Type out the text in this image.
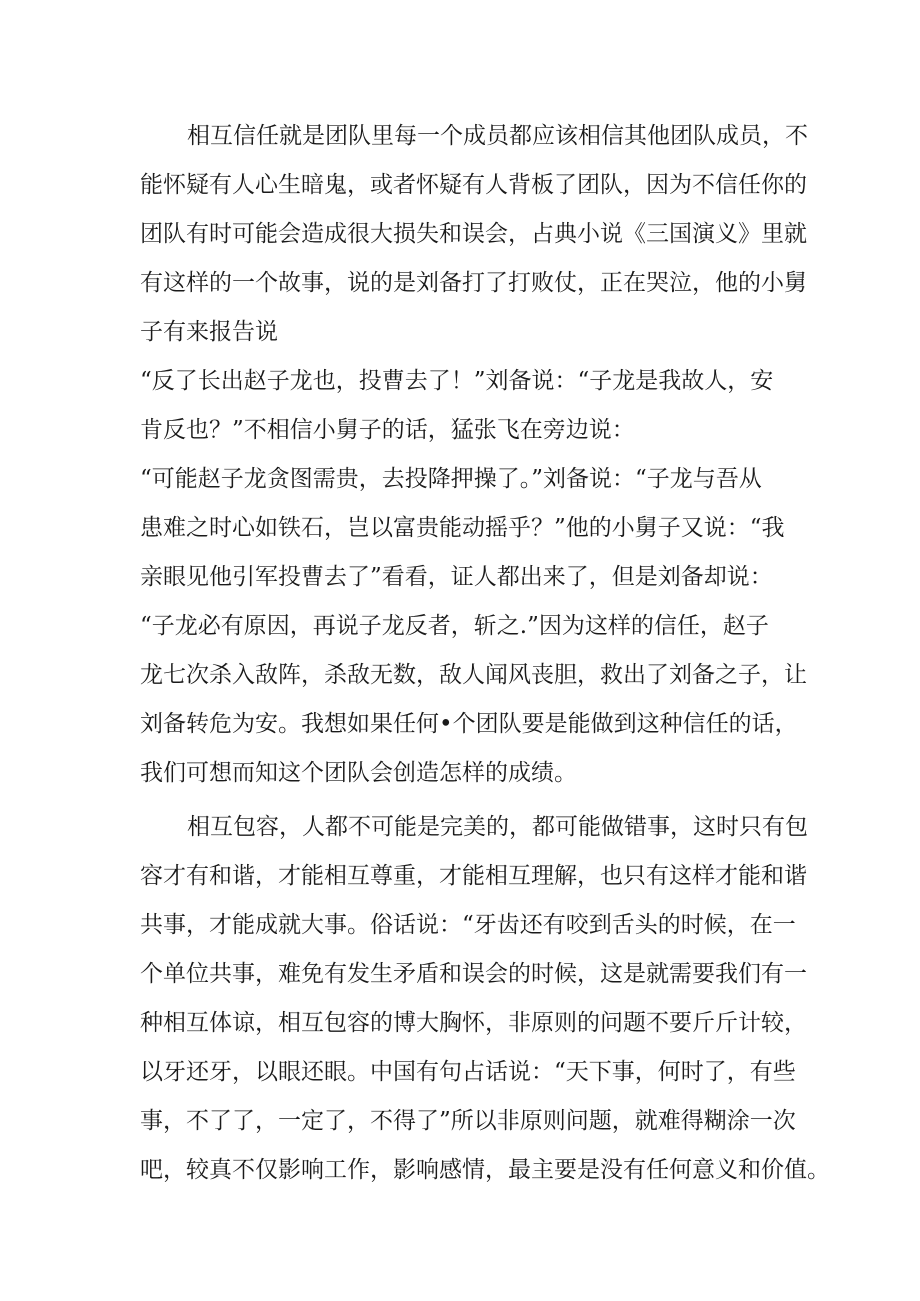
相互信任就是团队里每一个成员都应该相信其他团队成员，不
能怀疑有人心生暗鬼，或者怀疑有人背板了团队，因为不信任你的
团队有时可能会造成很大损失和误会，占典小说《三国演义》里就
有这样的一个故事，说的是刘备打了打败仗，正在哭泣，他的小舅
子有来报告说
“反了长出赵子龙也，投曹去了！”刘备说：“子龙是我故人，安
肯反也？”不相信小舅子的话，猛张飞在旁边说：
“可能赵子龙贪图需贵，去投降押操了。”刘备说：“子龙与吾从
患难之时心如铁石，岂以富贵能动摇乎？”他的小舅子又说：“我
亲眼见他引军投曹去了”看看，证人都出来了，但是刘备却说：
“子龙必有原因，再说子龙反者，斩之.”因为这样的信任，赵子
龙七次杀入敌阵，杀敌无数，敌人闻风丧胆，救出了刘备之子，让
刘备转危为安。我想如果任何•个团队要是能做到这种信任的话，
我们可想而知这个团队会创造怎样的成绩。
相互包容，人都不可能是完美的，都可能做错事，这时只有包
容才有和谐，才能相互尊重，才能相互理解，也只有这样才能和谐
共事，才能成就大事。俗话说：“牙齿还有咬到舌头的时候，在一
个单位共事，难免有发生矛盾和误会的时候，这是就需要我们有一
种相互体谅，相互包容的博大胸怀，非原则的问题不要斤斤计较，
以牙还牙，以眼还眼。中国有句占话说：“天下事，何时了，有些
事，不了了，一定了，不得了”所以非原则问题，就难得糊涂一次
吧，较真不仅影响工作，影响感情，最主要是没有任何意义和价值。
